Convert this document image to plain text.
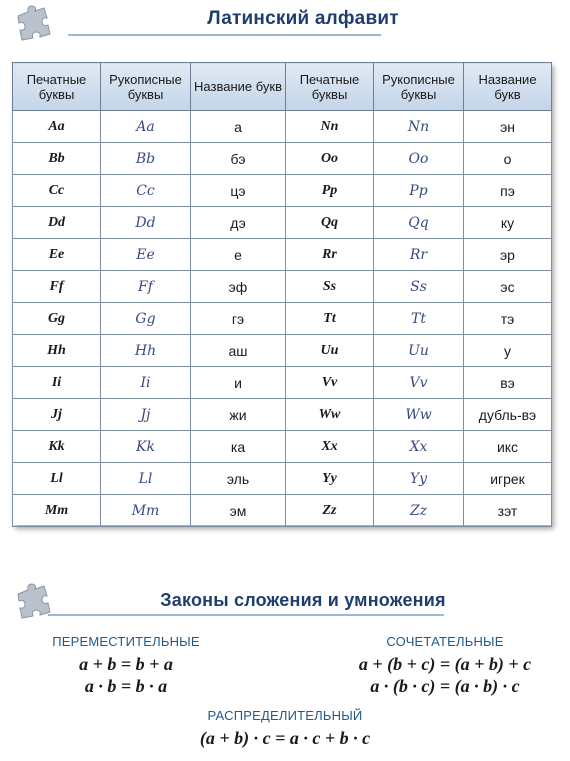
Латинский алфавит
Печатные буквы	Рукописные буквы	Название букв	Печатные буквы	Рукописные буквы	Название букв
Aa	Aa	а	Nn	Nn	эн
Bb	Bb	бэ	Oo	Oo	о
Cc	Cc	цэ	Pp	Pp	пэ
Dd	Dd	дэ	Qq	Qq	ку
Ee	Ee	е	Rr	Rr	эр
Ff	Ff	эф	Ss	Ss	эс
Gg	Gg	гэ	Tt	Tt	тэ
Hh	Hh	аш	Uu	Uu	у
Ii	Ii	и	Vv	Vv	вэ
Jj	Jj	жи	Ww	Ww	дубль-вэ
Kk	Kk	ка	Xx	Xx	икс
Ll	Ll	эль	Yy	Yy	игрек
Mm	Mm	эм	Zz	Zz	зэт
Законы сложения и умножения
ПЕРЕМЕСТИТЕЛЬНЫЕ
a + b = b + a
a · b = b · a
СОЧЕТАТЕЛЬНЫЕ
a + (b + c) = (a + b) + c
a · (b · c) = (a · b) · c
РАСПРЕДЕЛИТЕЛЬНЫЙ
(a + b) · c = a · c + b · c
